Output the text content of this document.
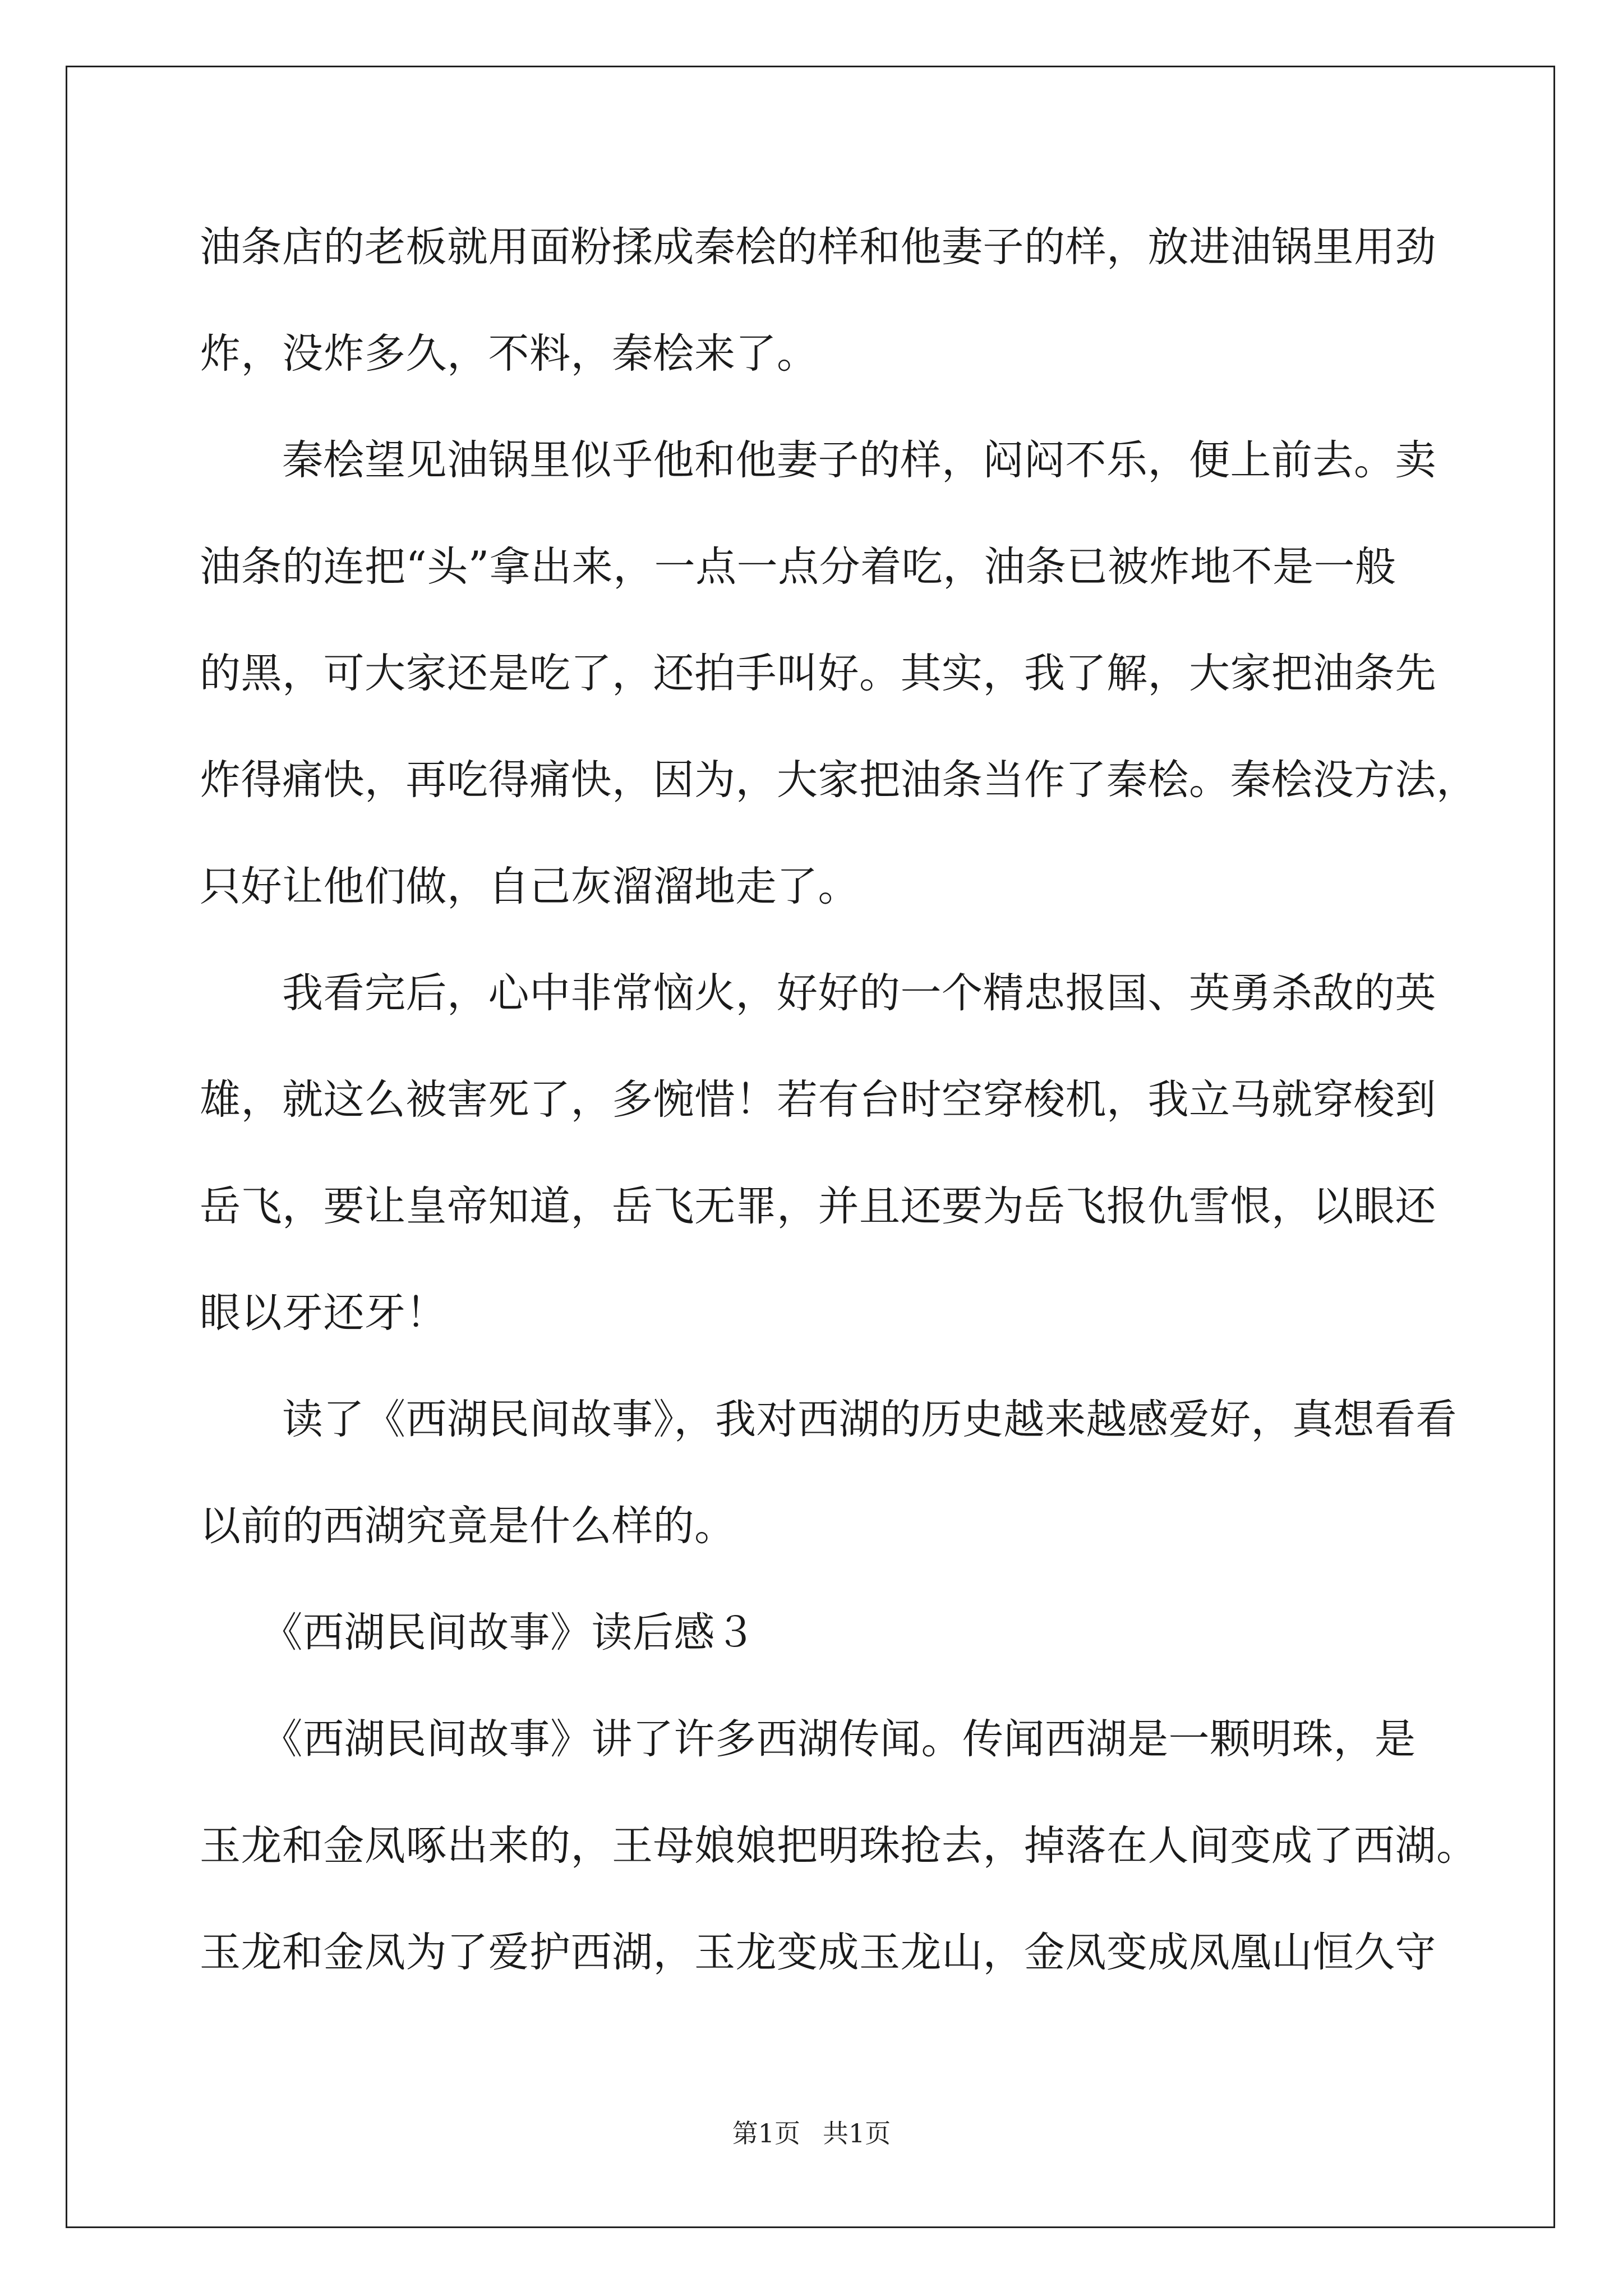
油条店的老板就用面粉揉成秦桧的样和他妻子的样，放进油锅里用劲
炸，没炸多久，不料，秦桧来了。
　　秦桧望见油锅里似乎他和他妻子的样，闷闷不乐，便上前去。卖
油条的连把“头”拿出来，一点一点分着吃，油条已被炸地不是一般
的黑，可大家还是吃了，还拍手叫好。其实，我了解，大家把油条先
炸得痛快，再吃得痛快，因为，大家把油条当作了秦桧。秦桧没方法，
只好让他们做，自己灰溜溜地走了。
　　我看完后，心中非常恼火，好好的一个精忠报国、英勇杀敌的英
雄，就这么被害死了，多惋惜！若有台时空穿梭机，我立马就穿梭到
岳飞，要让皇帝知道，岳飞无罪，并且还要为岳飞报仇雪恨，以眼还
眼以牙还牙！
　　读了《西湖民间故事》，我对西湖的历史越来越感爱好，真想看看
以前的西湖究竟是什么样的。
　　《西湖民间故事》读后感３
　　《西湖民间故事》讲了许多西湖传闻。传闻西湖是一颗明珠，是
玉龙和金凤啄出来的，王母娘娘把明珠抢去，掉落在人间变成了西湖。
玉龙和金凤为了爱护西湖，玉龙变成玉龙山，金凤变成凤凰山恒久守
第1页 共1页
